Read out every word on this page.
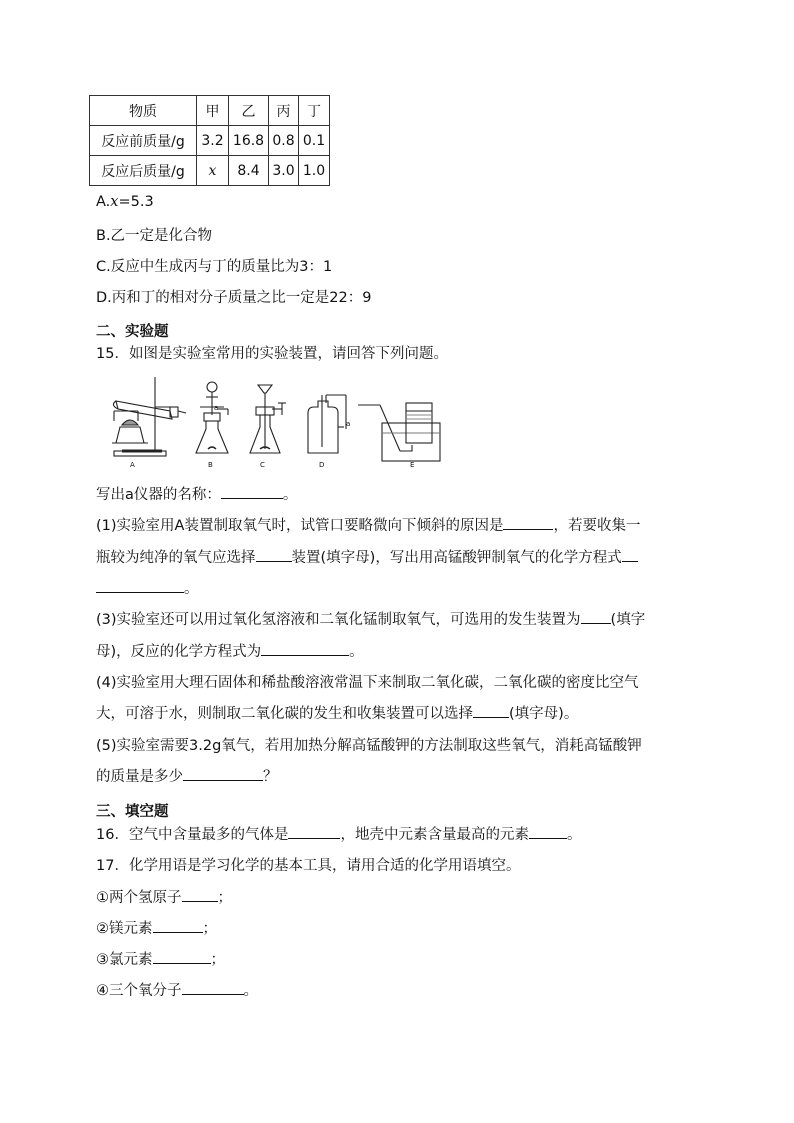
物质	甲	乙	丙	丁
反应前质量/g	3.2	16.8	0.8	0.1
反应后质量/g	x	8.4	3.0	1.0
A.x=5.3
B.乙一定是化合物
C.反应中生成丙与丁的质量比为3：1
D.丙和丁的相对分子质量之比一定是22：9
二、实验题
15．如图是实验室常用的实验装置，请回答下列问题。
A	B	C	D	E
a
a
写出a仪器的名称：	。
(1)实验室用A装置制取氧气时，试管口要略微向下倾斜的原因是	，若要收集一
瓶较为纯净的氧气应选择 装置(填字母)，写出用高锰酸钾制氧气的化学方程式
。
(3)实验室还可以用过氧化氢溶液和二氧化锰制取氧气，可选用的发生装置为 (填字
母)，反应的化学方程式为	。
(4)实验室用大理石固体和稀盐酸溶液常温下来制取二氧化碳，二氧化碳的密度比空气
大，可溶于水，则制取二氧化碳的发生和收集装置可以选择 (填字母)。
(5)实验室需要3.2g氧气，若用加热分解高锰酸钾的方法制取这些氧气，消耗高锰酸钾
的质量是多少	？
三、填空题
16．空气中含量最多的气体是	，地壳中元素含量最高的元素	。
17．化学用语是学习化学的基本工具，请用合适的化学用语填空。
①两个氢原子 ；
②镁元素	；
③氯元素	；
④三个氧分子	。
